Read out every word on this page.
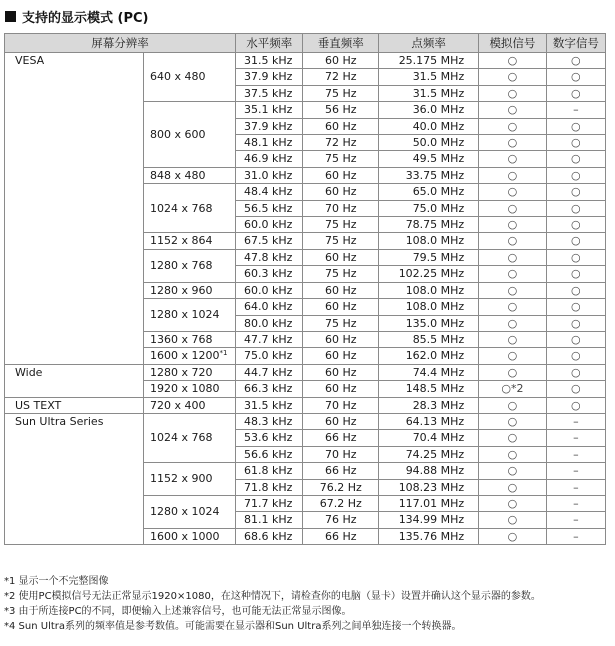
支持的显示模式 (PC)
屏幕分辨率		水平频率	垂直频率	点频率	模拟信号	数字信号
VESA	640 x 480	31.5 kHz	60 Hz	25.175 MHz	○	○
		37.9 kHz	72 Hz	31.5 MHz	○	○
		37.5 kHz	75 Hz	31.5 MHz	○	○
	800 x 600	35.1 kHz	56 Hz	36.0 MHz	○	–
		37.9 kHz	60 Hz	40.0 MHz	○	○
		48.1 kHz	72 Hz	50.0 MHz	○	○
		46.9 kHz	75 Hz	49.5 MHz	○	○
	848 x 480	31.0 kHz	60 Hz	33.75 MHz	○	○
	1024 x 768	48.4 kHz	60 Hz	65.0 MHz	○	○
		56.5 kHz	70 Hz	75.0 MHz	○	○
		60.0 kHz	75 Hz	78.75 MHz	○	○
	1152 x 864	67.5 kHz	75 Hz	108.0 MHz	○	○
	1280 x 768	47.8 kHz	60 Hz	79.5 MHz	○	○
		60.3 kHz	75 Hz	102.25 MHz	○	○
	1280 x 960	60.0 kHz	60 Hz	108.0 MHz	○	○
	1280 x 1024	64.0 kHz	60 Hz	108.0 MHz	○	○
		80.0 kHz	75 Hz	135.0 MHz	○	○
	1360 x 768	47.7 kHz	60 Hz	85.5 MHz	○	○
	1600 x 1200$^{*1}$	75.0 kHz	60 Hz	162.0 MHz	○	○
Wide	1280 x 720	44.7 kHz	60 Hz	74.4 MHz	○	○
	1920 x 1080	66.3 kHz	60 Hz	148.5 MHz	○*2	○
US TEXT	720 x 400	31.5 kHz	70 Hz	28.3 MHz	○	○
Sun Ultra Series	1024 x 768	48.3 kHz	60 Hz	64.13 MHz	○	–
		53.6 kHz	66 Hz	70.4 MHz	○	–
		56.6 kHz	70 Hz	74.25 MHz	○	–
	1152 x 900	61.8 kHz	66 Hz	94.88 MHz	○	–
		71.8 kHz	76.2 Hz	108.23 MHz	○	–
	1280 x 1024	71.7 kHz	67.2 Hz	117.01 MHz	○	–
		81.1 kHz	76 Hz	134.99 MHz	○	–
	1600 x 1000	68.6 kHz	66 Hz	135.76 MHz	○	–
*1 显示一个不完整图像
*2 使用PC模拟信号无法正常显示1920×1080，在这种情况下，请检查你的电脑（显卡）设置并确认这个显示器的参数。
*3 由于所连接PC的不同，即便输入上述兼容信号，也可能无法正常显示图像。
*4 Sun Ultra系列的频率值是参考数值。可能需要在显示器和Sun Ultra系列之间单独连接一个转换器。
